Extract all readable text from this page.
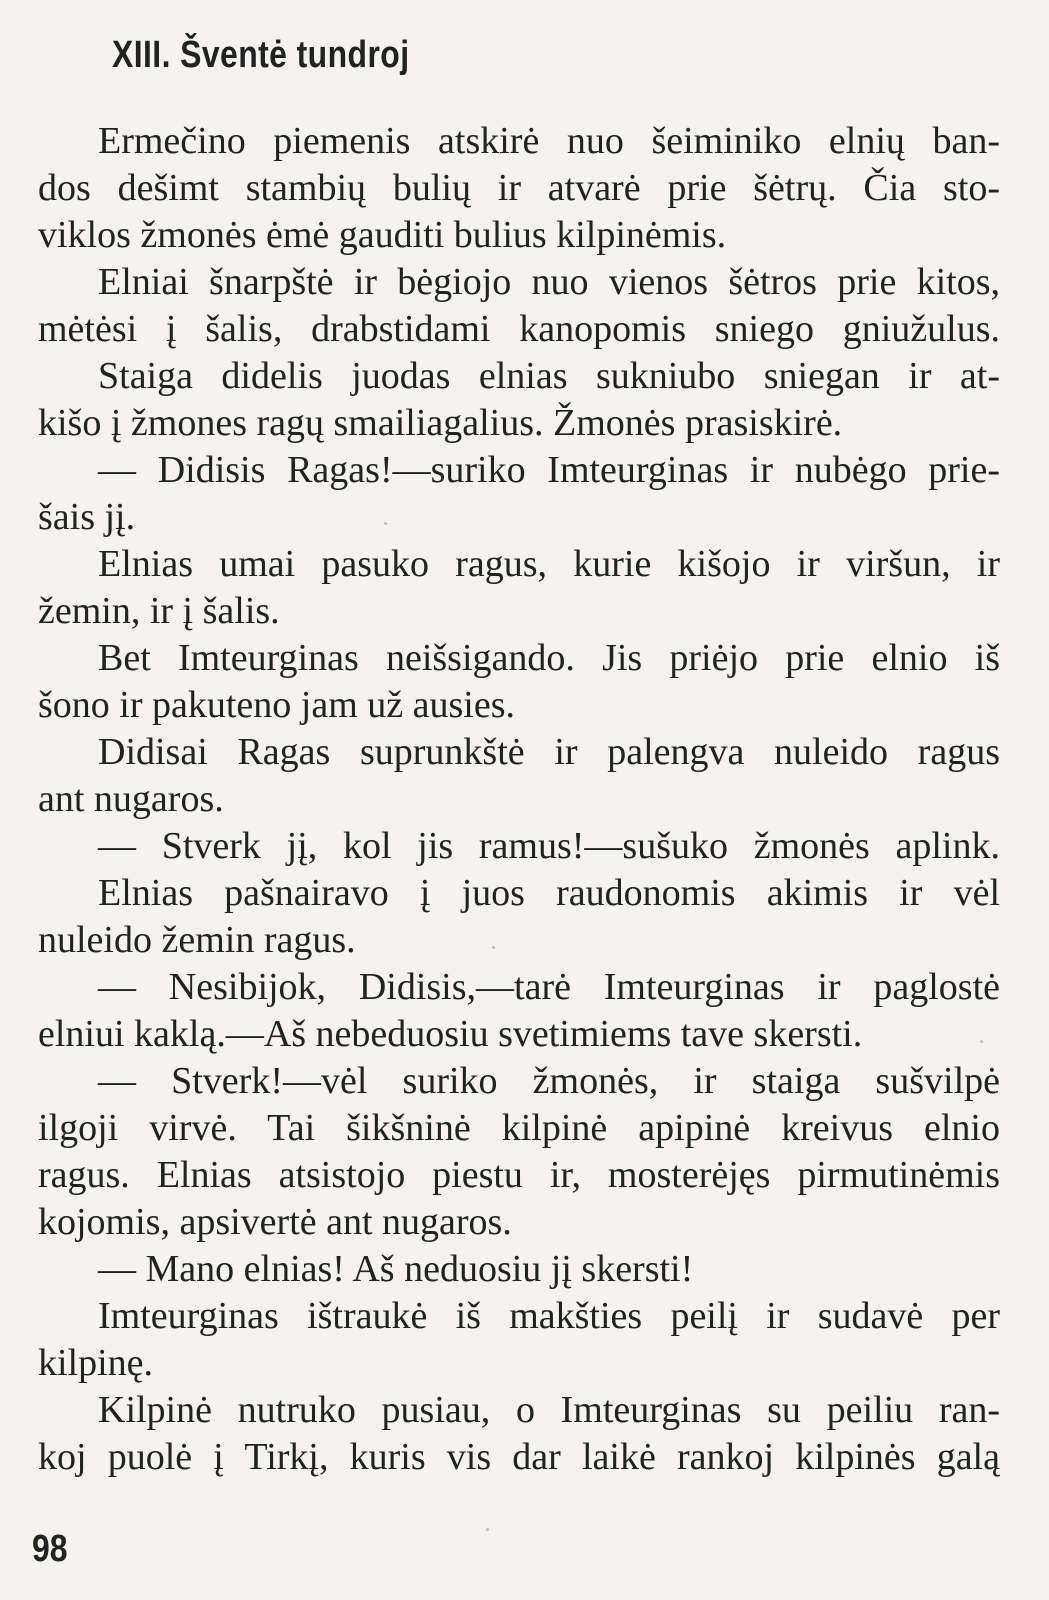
XIII. Šventė tundroj
Ermečino piemenis atskirė nuo šeiminiko elnių ban-
dos dešimt stambių bulių ir atvarė prie šėtrų. Čia sto-
viklos žmonės ėmė gauditi bulius kilpinėmis.
Elniai šnarpštė ir bėgiojo nuo vienos šėtros prie kitos,
mėtėsi į šalis, drabstidami kanopomis sniego gniužulus.
Staiga didelis juodas elnias sukniubo sniegan ir at-
kišo į žmones ragų smailiagalius. Žmonės prasiskirė.
— Didisis Ragas!—suriko Imteurginas ir nubėgo prie-
šais jį.
Elnias umai pasuko ragus, kurie kišojo ir viršun, ir
žemin, ir į šalis.
Bet Imteurginas neišsigando. Jis priėjo prie elnio iš
šono ir pakuteno jam už ausies.
Didisai Ragas suprunkštė ir palengva nuleido ragus
ant nugaros.
— Stverk jį, kol jis ramus!—sušuko žmonės aplink.
Elnias pašnairavo į juos raudonomis akimis ir vėl
nuleido žemin ragus.
— Nesibijok, Didisis,—tarė Imteurginas ir paglostė
elniui kaklą.—Aš nebeduosiu svetimiems tave skersti.
— Stverk!—vėl suriko žmonės, ir staiga sušvilpė
ilgoji virvė. Tai šikšninė kilpinė apipinė kreivus elnio
ragus. Elnias atsistojo piestu ir, mosterėjęs pirmutinėmis
kojomis, apsivertė ant nugaros.
— Mano elnias! Aš neduosiu jį skersti!
Imteurginas ištraukė iš makšties peilį ir sudavė per
kilpinę.
Kilpinė nutruko pusiau, o Imteurginas su peiliu ran-
koj puolė į Tirkį, kuris vis dar laikė rankoj kilpinės galą
98
